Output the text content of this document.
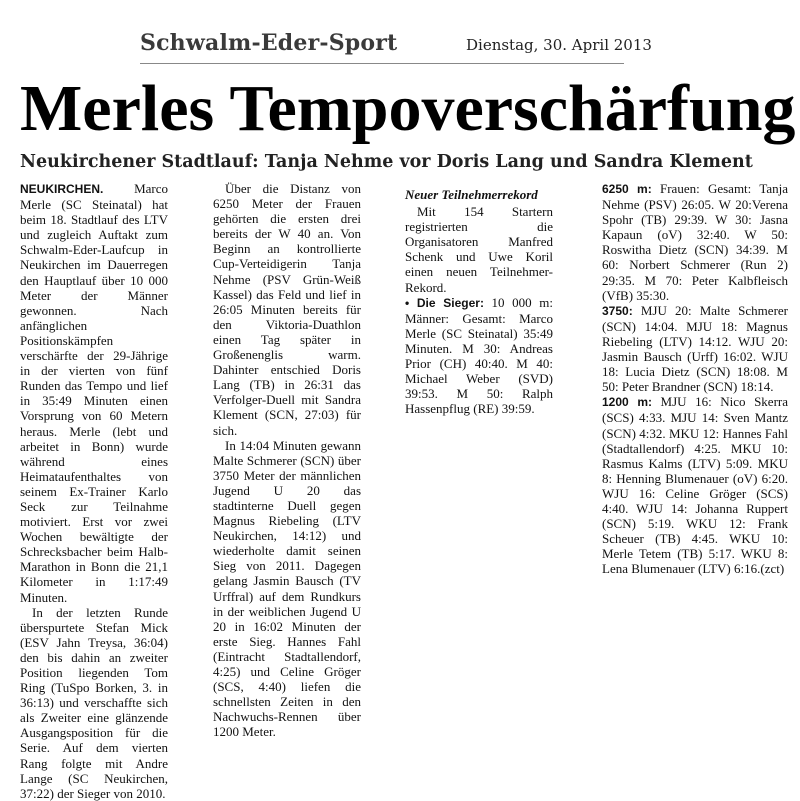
Schwalm-Eder-Sport	Dienstag, 30. April 2013
Merles Tempoverschärfung
Neukirchener Stadtlauf: Tanja Nehme vor Doris Lang und Sandra Klement

NEUKIRCHEN. Marco Merle (SC Steinatal) hat beim 18. Stadtlauf des LTV und zugleich Auftakt zum Schwalm-Eder-Laufcup in Neukirchen im Dauerregen den Hauptlauf über 10 000 Meter der Männer gewonnen. Nach anfänglichen Positionskämpfen verschärfte der 29-Jährige in der vierten von fünf Runden das Tempo und lief in 35:49 Minuten einen Vorsprung von 60 Metern heraus. Merle (lebt und arbeitet in Bonn) wurde während eines Heimataufenthaltes von seinem Ex-Trainer Karlo Seck zur Teilnahme motiviert. Erst vor zwei Wochen bewältigte der Schrecksbacher beim Halb-Marathon in Bonn die 21,1 Kilometer in 1:17:49 Minuten.

In der letzten Runde überspurtete Stefan Mick (ESV Jahn Treysa, 36:04) den bis dahin an zweiter Position liegenden Tom Ring (TuSpo Borken, 3. in 36:13) und verschaffte sich als Zweiter eine glänzende Ausgangsposition für die Serie. Auf dem vierten Rang folgte mit Andre Lange (SC Neukirchen, 37:22) der Sieger von 2010.

Über die Distanz von 6250 Meter der Frauen gehörten die ersten drei bereits der W 40 an. Von Beginn an kontrollierte Cup-Verteidigerin Tanja Nehme (PSV Grün-Weiß Kassel) das Feld und lief in 26:05 Minuten bereits für den Viktoria-Duathlon einen Tag später in Großenenglis warm. Dahinter entschied Doris Lang (TB) in 26:31 das Verfolger-Duell mit Sandra Klement (SCN, 27:03) für sich.

In 14:04 Minuten gewann Malte Schmerer (SCN) über 3750 Meter der männlichen Jugend U 20 das stadtinterne Duell gegen Magnus Riebeling (LTV Neukirchen, 14:12) und wiederholte damit seinen Sieg von 2011. Dagegen gelang Jasmin Bausch (TV Urffral) auf dem Rundkurs in der weiblichen Jugend U 20 in 16:02 Minuten der erste Sieg. Hannes Fahl (Eintracht Stadtallendorf, 4:25) und Celine Gröger (SCS, 4:40) liefen die schnellsten Zeiten in den Nachwuchs-Rennen über 1200 Meter.

Neuer Teilnehmerrekord

Mit 154 Startern registrierten die Organisatoren Manfred Schenk und Uwe Koril einen neuen Teilnehmer-Rekord.

• Die Sieger: 10 000 m: Männer: Gesamt: Marco Merle (SC Steinatal) 35:49 Minuten. M 30: Andreas Prior (CH) 40:40. M 40: Michael Weber (SVD) 39:53. M 50: Ralph Hassenpflug (RE) 39:59.

6250 m: Frauen: Gesamt: Tanja Nehme (PSV) 26:05. W 20:Verena Spohr (TB) 29:39. W 30: Jasna Kapaun (oV) 32:40. W 50: Roswitha Dietz (SCN) 34:39. M 60: Norbert Schmerer (Run 2) 29:35. M 70: Peter Kalbfleisch (VfB) 35:30.

3750: MJU 20: Malte Schmerer (SCN) 14:04. MJU 18: Magnus Riebeling (LTV) 14:12. WJU 20: Jasmin Bausch (Urff) 16:02. WJU 18: Lucia Dietz (SCN) 18:08. M 50: Peter Brandner (SCN) 18:14.

1200 m: MJU 16: Nico Skerra (SCS) 4:33. MJU 14: Sven Mantz (SCN) 4:32. MKU 12: Hannes Fahl (Stadtallendorf) 4:25. MKU 10: Rasmus Kalms (LTV) 5:09. MKU 8: Henning Blumenauer (oV) 6:20. WJU 16: Celine Gröger (SCS) 4:40. WJU 14: Johanna Ruppert (SCN) 5:19. WKU 12: Frank Scheuer (TB) 4:45. WKU 10: Merle Tetem (TB) 5:17. WKU 8: Lena Blumenauer (LTV) 6:16.(zct)
